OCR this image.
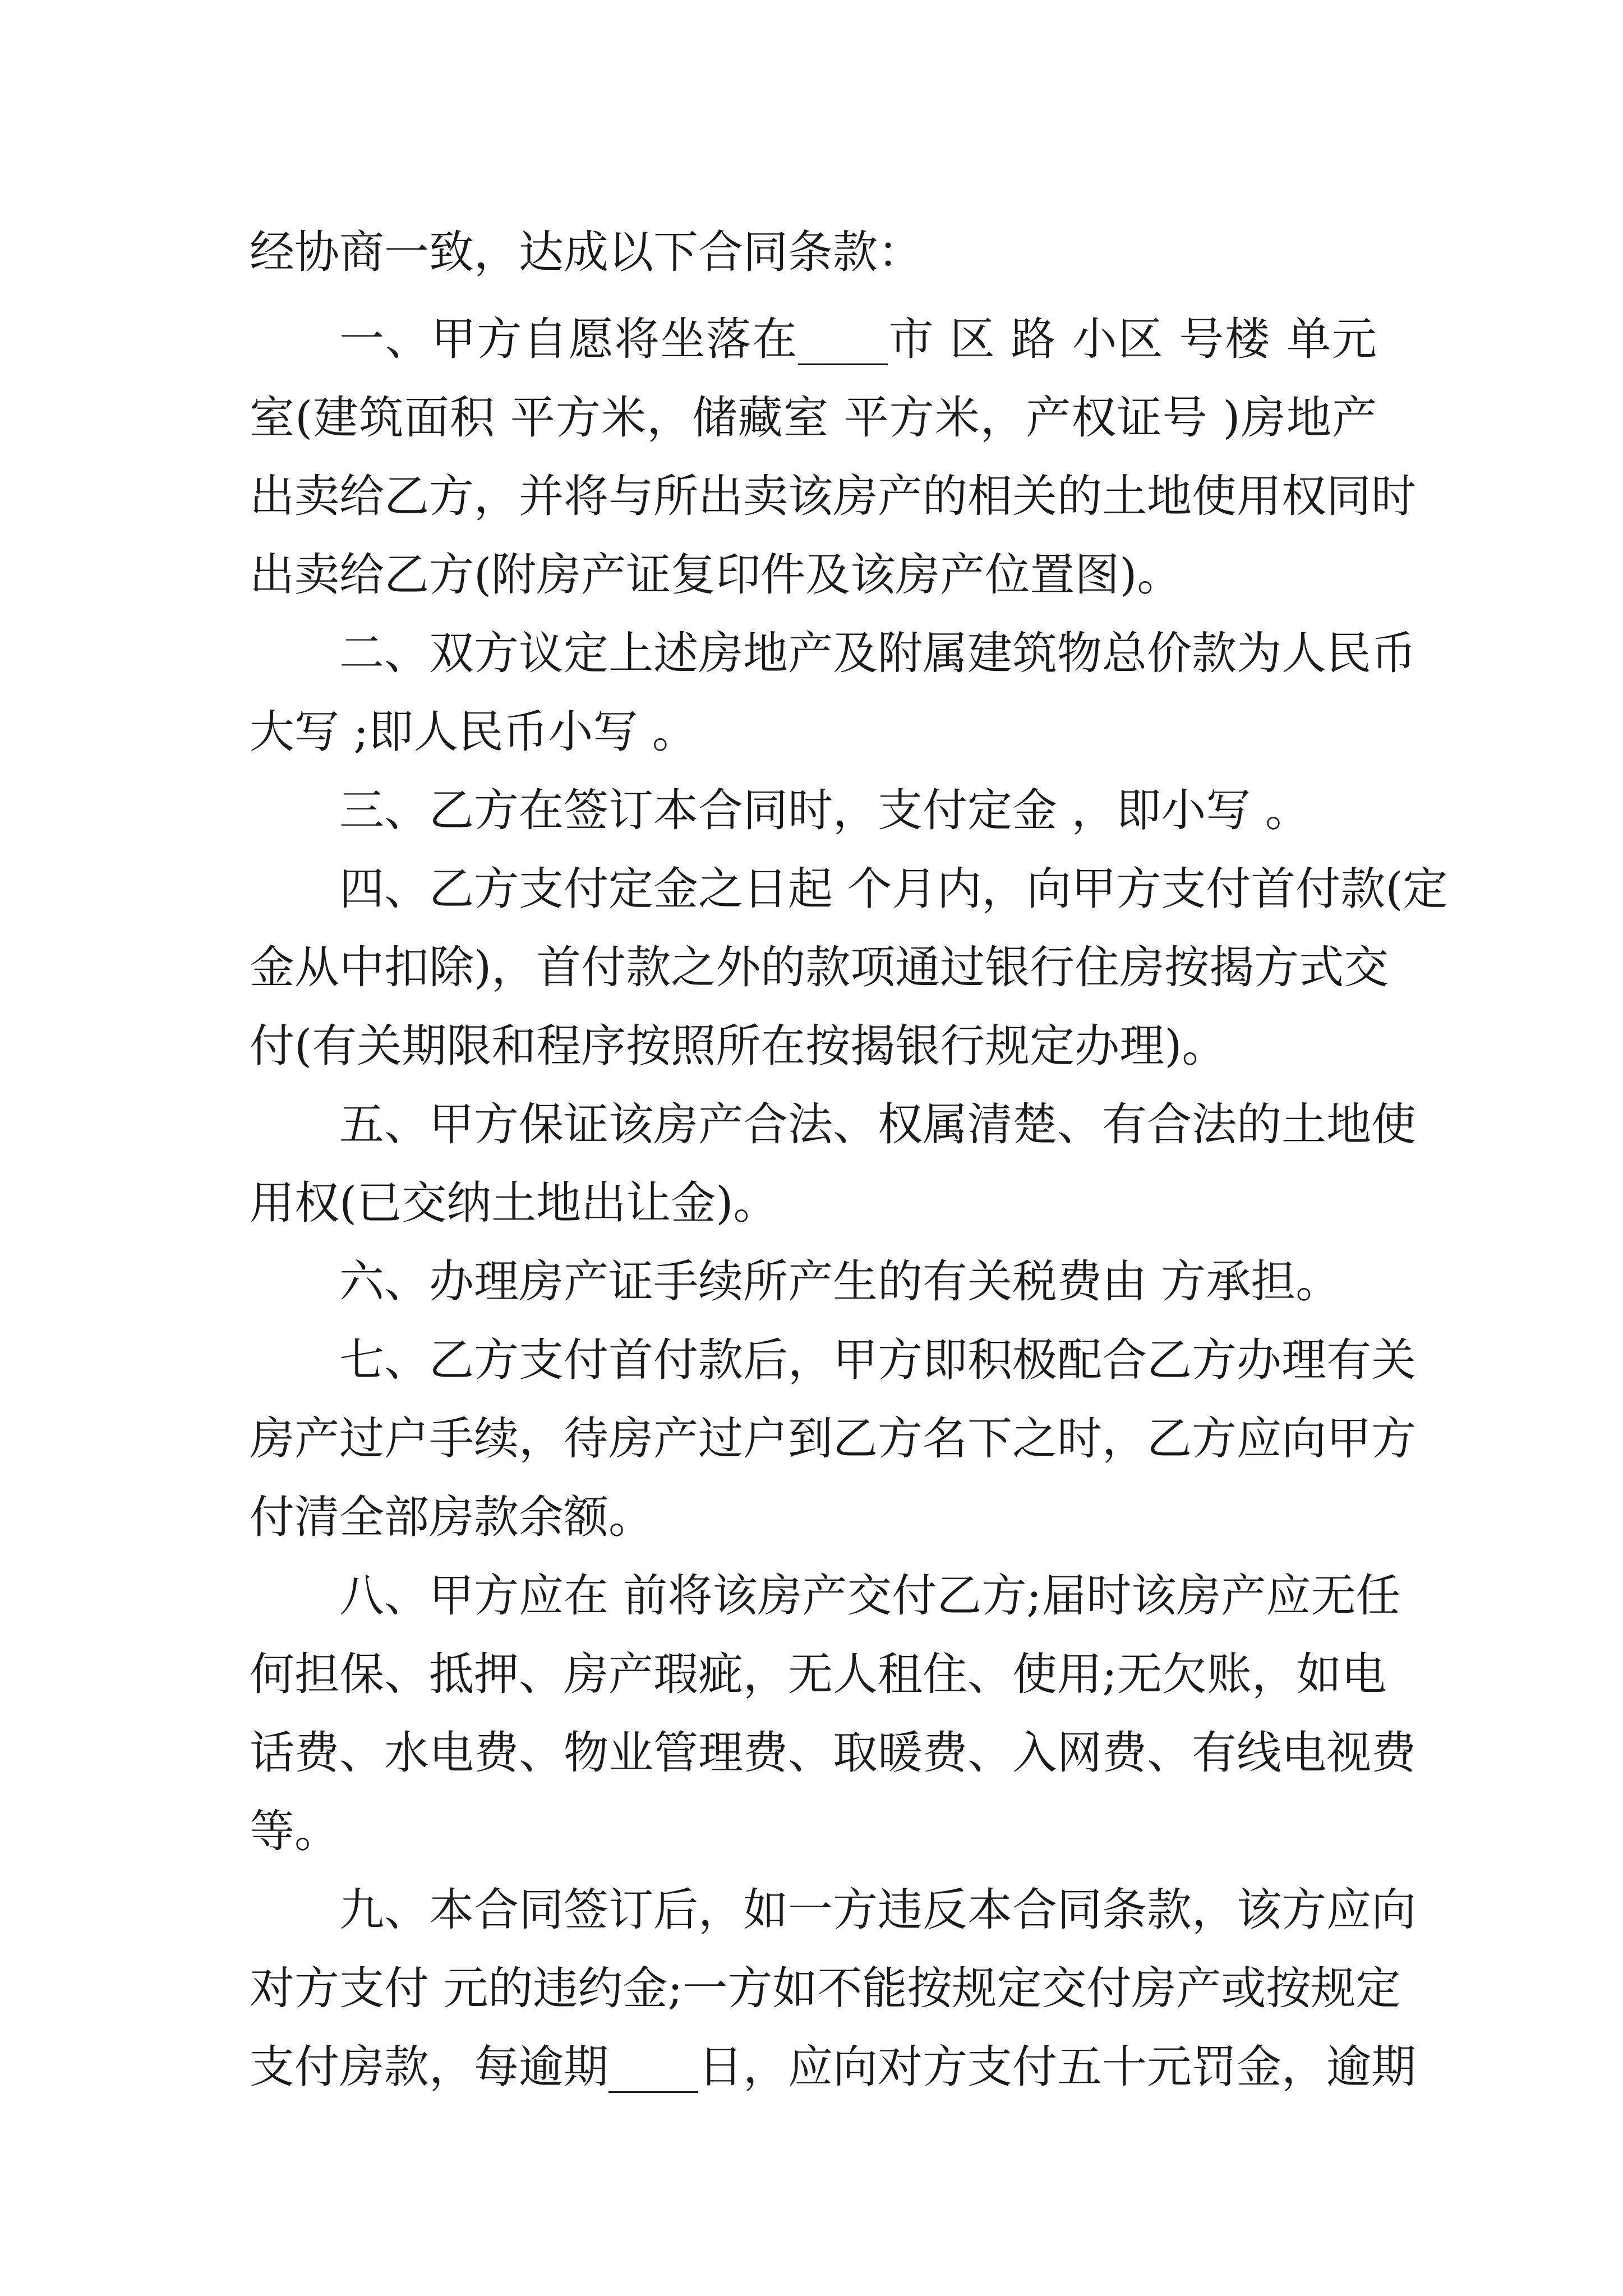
经协商一致，达成以下合同条款：

一、甲方自愿将坐落在____市 区 路 小区 号楼 单元

室(建筑面积 平方米，储藏室 平方米，产权证号 )房地产

出卖给乙方，并将与所出卖该房产的相关的土地使用权同时

出卖给乙方(附房产证复印件及该房产位置图)。

二、双方议定上述房地产及附属建筑物总价款为人民币

大写 ;即人民币小写 。

三、乙方在签订本合同时，支付定金 ，即小写 。

四、乙方支付定金之日起 个月内，向甲方支付首付款(定

金从中扣除)，首付款之外的款项通过银行住房按揭方式交

付(有关期限和程序按照所在按揭银行规定办理)。

五、甲方保证该房产合法、权属清楚、有合法的土地使

用权(已交纳土地出让金)。

六、办理房产证手续所产生的有关税费由 方承担。

七、乙方支付首付款后，甲方即积极配合乙方办理有关

房产过户手续，待房产过户到乙方名下之时，乙方应向甲方

付清全部房款余额。

八、甲方应在 前将该房产交付乙方;届时该房产应无任

何担保、抵押、房产瑕疵，无人租住、使用;无欠账，如电

话费、水电费、物业管理费、取暖费、入网费、有线电视费

等。

九、本合同签订后，如一方违反本合同条款，该方应向

对方支付 元的违约金;一方如不能按规定交付房产或按规定

支付房款，每逾期____日，应向对方支付五十元罚金，逾期
